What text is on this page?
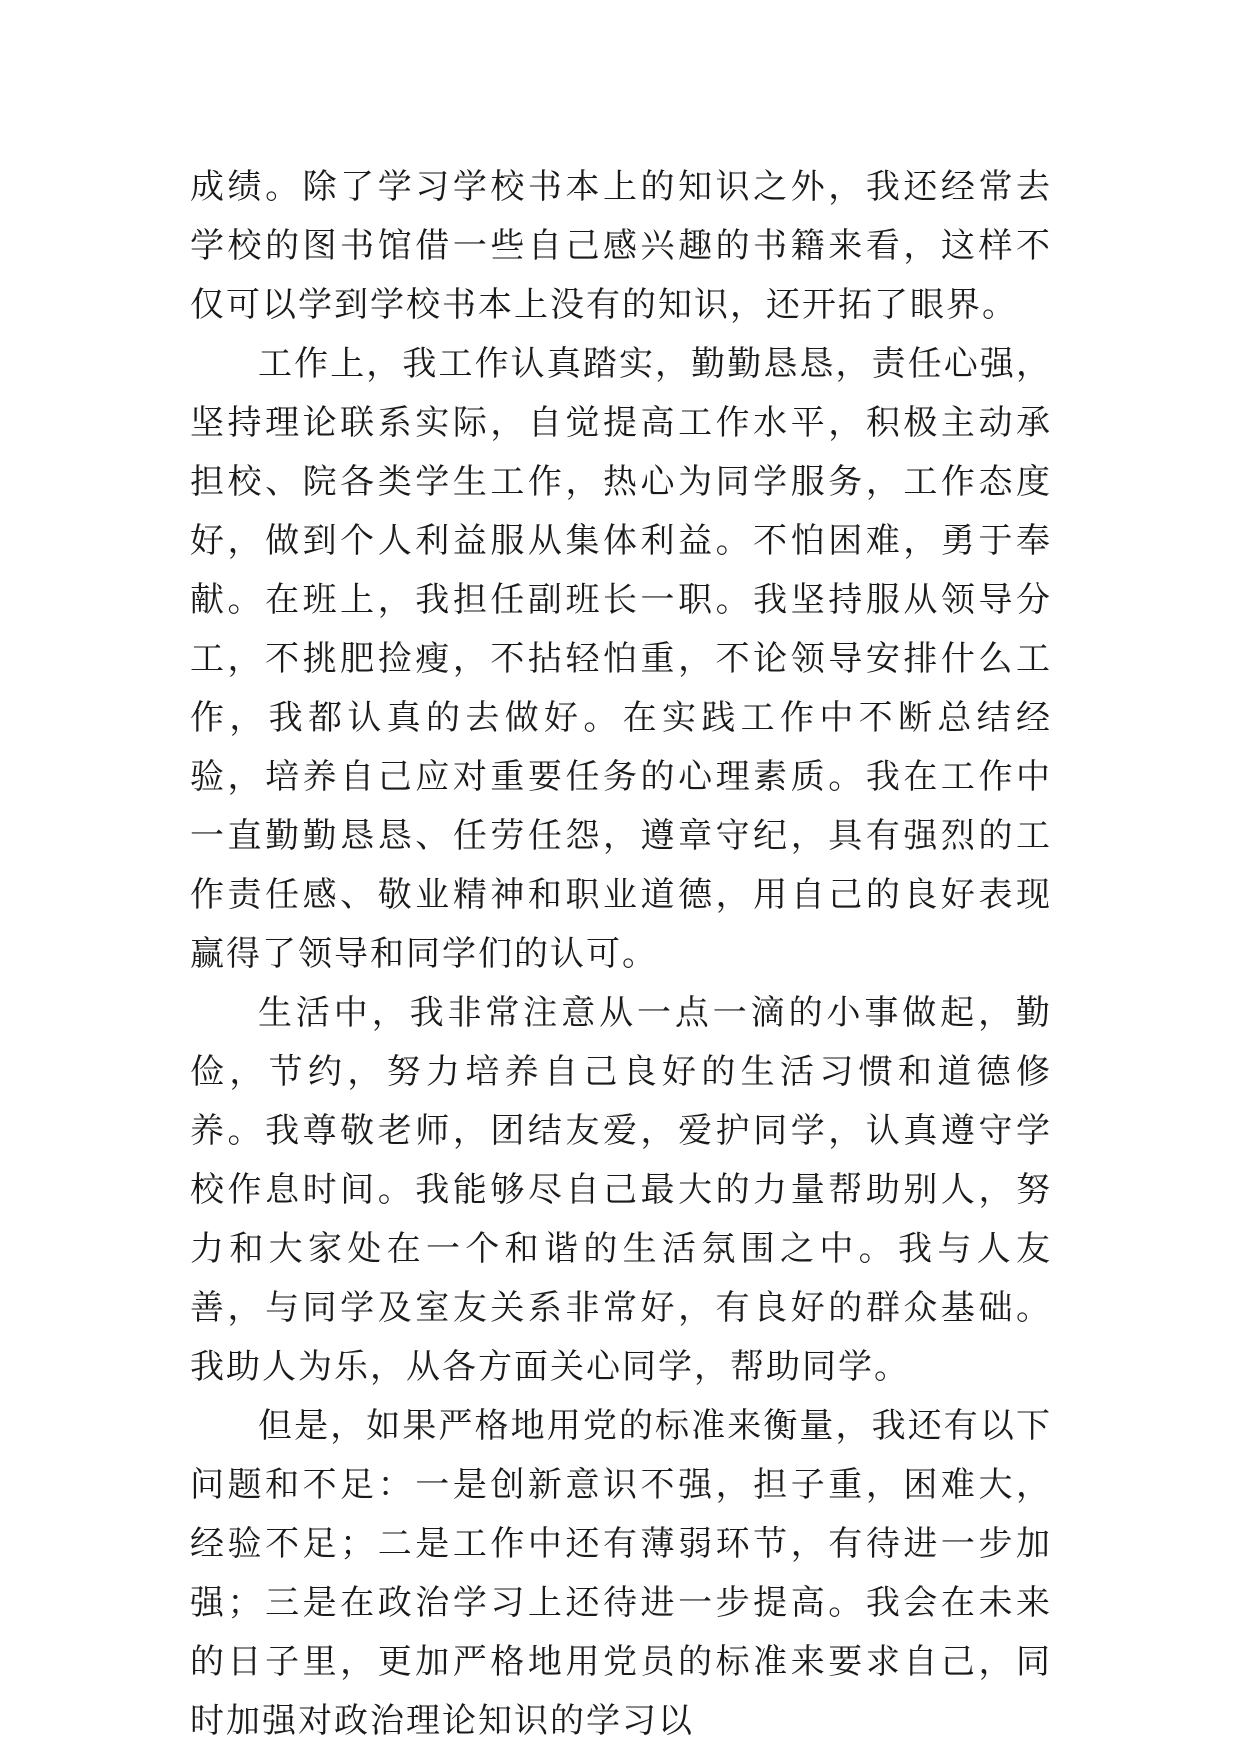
成绩。除了学习学校书本上的知识之外，我还经常去学校的图书馆借一些自己感兴趣的书籍来看，这样不仅可以学到学校书本上没有的知识，还开拓了眼界。

工作上，我工作认真踏实，勤勤恳恳，责任心强，坚持理论联系实际，自觉提高工作水平，积极主动承担校、院各类学生工作，热心为同学服务，工作态度好，做到个人利益服从集体利益。不怕困难，勇于奉献。在班上，我担任副班长一职。我坚持服从领导分工，不挑肥捡瘦，不拈轻怕重，不论领导安排什么工作，我都认真的去做好。在实践工作中不断总结经验，培养自己应对重要任务的心理素质。我在工作中一直勤勤恳恳、任劳任怨，遵章守纪，具有强烈的工作责任感、敬业精神和职业道德，用自己的良好表现赢得了领导和同学们的认可。

生活中，我非常注意从一点一滴的小事做起，勤俭，节约，努力培养自己良好的生活习惯和道德修养。我尊敬老师，团结友爱，爱护同学，认真遵守学校作息时间。我能够尽自己最大的力量帮助别人，努力和大家处在一个和谐的生活氛围之中。我与人友善，与同学及室友关系非常好，有良好的群众基础。我助人为乐，从各方面关心同学，帮助同学。

但是，如果严格地用党的标准来衡量，我还有以下问题和不足：一是创新意识不强，担子重，困难大，经验不足；二是工作中还有薄弱环节，有待进一步加强；三是在政治学习上还待进一步提高。我会在未来的日子里，更加严格地用党员的标准来要求自己，同时加强对政治理论知识的学习以
